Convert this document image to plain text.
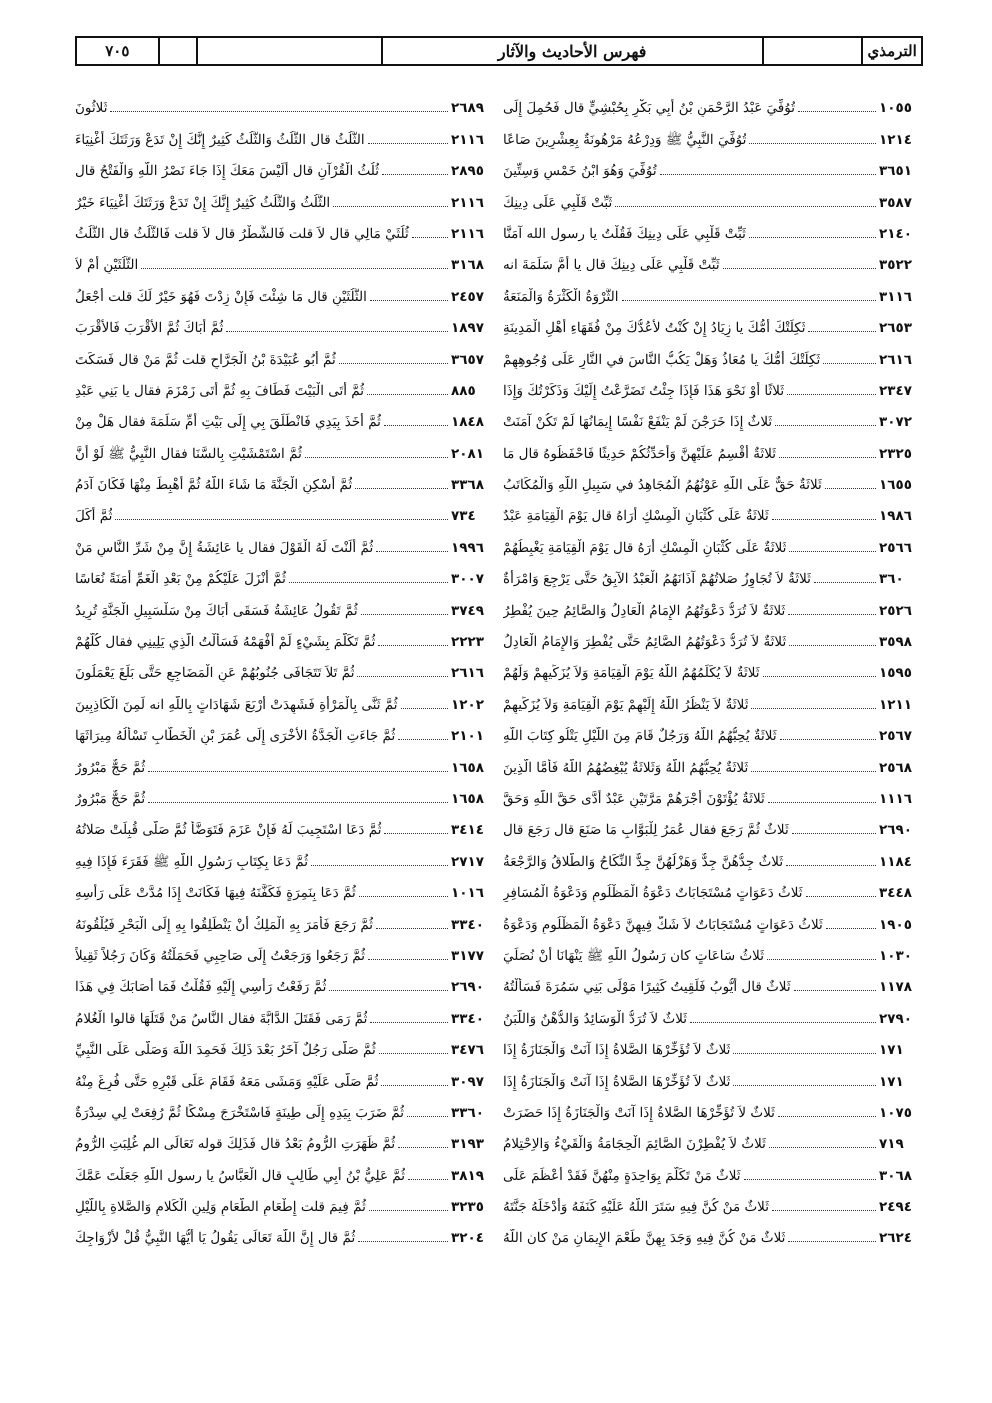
الترمذي
فهرس الأحاديث والآثار
٧٠٥
تُوُفِّيَ عَبْدُ الرَّحْمَنِ بْنُ أَبِي بَكْرٍ بِحُبْشِيٍّ قال فَحُمِلَ إِلَى	١٠٥٥
تُوُفِّيَ النَّبِيُّ ﷺ وَدِرْعُهُ مَرْهُونَةٌ بِعِشْرِينَ صَاعًا	١٢١٤
تُوُفِّيَ وَهُوَ ابْنُ خَمْسٍ وَسِتِّينَ	٣٦٥١
ثَبِّتْ قَلْبِي عَلَى دِينِكَ	٣٥٨٧
ثَبِّتْ قَلْبِي عَلَى دِينِكَ فَقُلْتُ يا رسول الله آمَنَّا	٢١٤٠
ثَبِّتْ قَلْبِي عَلَى دِينِكَ قال يا أُمَّ سَلَمَةَ انه	٣٥٢٢
الثَّرْوَةُ الْكَثْرَةُ وَالْمَنَعَةُ	٣١١٦
ثَكِلَتْكَ أُمُّكَ يا زِيَادُ إِنْ كُنْتُ لأَعُدُّكَ مِنْ فُقَهَاءِ أَهْلِ الْمَدِينَةِ	٢٦٥٣
ثَكِلَتْكَ أُمُّكَ يا مُعَاذُ وَهَلْ يَكُبُّ النَّاسَ في النَّارِ عَلَى وُجُوهِهِمْ	٢٦١٦
ثَلاثًا أَوْ نَحْوَ هَذَا فَإِذَا جِئْتُ تَضَرَّعْتُ إِلَيْكَ وَذَكَرْتُكَ وَإِذَا	٢٣٤٧
ثَلاثٌ إِذَا خَرَجْنَ لَمْ يَنْفَعْ نَفْسًا إِيمَانُهَا لَمْ تَكُنْ آمَنَتْ	٣٠٧٢
ثَلاثَةٌ أُقْسِمُ عَلَيْهِنَّ وَأُحَدِّثُكُمْ حَدِيثًا فَاحْفَظُوهُ قال مَا	٢٣٢٥
ثَلاثَةٌ حَقٌّ عَلَى اللَّهِ عَوْنُهُمُ الْمُجَاهِدُ في سَبِيلِ اللَّهِ وَالْمُكَاتَبُ	١٦٥٥
ثَلاثَةٌ عَلَى كُثْبَانِ الْمِسْكِ أُرَاهُ قال يَوْمَ الْقِيَامَةِ عَبْدٌ	١٩٨٦
ثَلاثَةٌ عَلَى كُثْبَانِ الْمِسْكِ أُرَهُ قال يَوْمَ الْقِيَامَةِ يَغْبِطُهُمْ	٢٥٦٦
ثَلاثَةٌ لاَ تُجَاوِزُ صَلاتُهُمْ آذَانَهُمُ الْعَبْدُ الآبِقُ حَتَّى يَرْجِعَ وَامْرَأَةٌ	٣٦٠
ثَلاثَةٌ لاَ تُرَدُّ دَعْوَتُهُمُ الإِمَامُ الْعَادِلُ وَالصَّائِمُ حِينَ يُفْطِرُ	٢٥٢٦
ثَلاثَةٌ لاَ تُرَدُّ دَعْوَتُهُمُ الصَّائِمُ حَتَّى يُفْطِرَ وَالإِمَامُ الْعَادِلُ	٣٥٩٨
ثَلاثَةٌ لاَ يُكَلِّمُهُمُ اللَّهُ يَوْمَ الْقِيَامَةِ وَلاَ يُزَكِّيهِمْ وَلَهُمْ	١٥٩٥
ثَلاثَةٌ لاَ يَنْظُرُ اللَّهُ إِلَيْهِمْ يَوْمَ الْقِيَامَةِ وَلاَ يُزَكِّيهِمْ	١٢١١
ثَلاثَةٌ يُحِبُّهُمُ اللَّهُ وَرَجُلٌ قَامَ مِنَ اللَّيْلِ يَتْلُو كِتَابَ اللَّهِ	٢٥٦٧
ثَلاثَةٌ يُحِبُّهُمُ اللَّهُ وَثَلاثَةٌ يُبْغِضُهُمُ اللَّهُ فَأَمَّا الَّذِينَ	٢٥٦٨
ثَلاثَةٌ يُؤْتَوْنَ أَجْرَهُمْ مَرَّتَيْنِ عَبْدٌ أَدَّى حَقَّ اللَّهِ وَحَقَّ	١١١٦
ثَلاثٌ ثُمَّ رَجَعَ فقال عُمَرُ لِلْبَوَّابِ مَا صَنَعَ قال رَجَعَ قال	٢٦٩٠
ثَلاثٌ جِدُّهُنَّ جِدٌّ وَهَزْلُهُنَّ جِدٌّ النِّكَاحُ وَالطَّلاقُ وَالرَّجْعَةُ	١١٨٤
ثَلاثُ دَعَوَاتٍ مُسْتَجَابَاتٌ دَعْوَةُ الْمَظْلُومِ وَدَعْوَةُ الْمُسَافِرِ	٣٤٤٨
ثَلاثُ دَعَوَاتٍ مُسْتَجَابَاتٌ لاَ شَكَّ فِيهِنَّ دَعْوَةُ الْمَظْلُومِ وَدَعْوَةُ	١٩٠٥
ثَلاثُ سَاعَاتٍ كان رَسُولُ اللَّهِ ﷺ يَنْهَانَا أَنْ نُصَلِّيَ	١٠٣٠
ثَلاثٌ قال أَيُّوبُ فَلَقِيتُ كَثِيرًا مَوْلَى بَنِي سَمُرَةَ فَسَأَلْتُهُ	١١٧٨
ثَلاثٌ لاَ تُرَدُّ الْوَسَائِدُ وَالدُّهْنُ وَاللَّبَنُ	٢٧٩٠
ثَلاثٌ لاَ تُؤَخِّرْهَا الصَّلاةُ إِذَا آنَتْ وَالْجَنَازَةُ إِذَا	١٧١
ثَلاثٌ لاَ تُؤَخِّرْهَا الصَّلاةُ إِذَا آنَتْ وَالْجَنَازَةُ إِذَا	١٧١
ثَلاثٌ لاَ تُؤَخِّرْهَا الصَّلاةُ إِذَا آنَتْ وَالْجَنَازَةُ إِذَا حَضَرَتْ	١٠٧٥
ثَلاثٌ لاَ يُفْطِرْنَ الصَّائِمَ الْحِجَامَةُ وَالْقَيْءُ وَالاِحْتِلامُ	٧١٩
ثَلاثٌ مَنْ تَكَلَّمَ بِوَاحِدَةٍ مِنْهُنَّ فَقَدْ أَعْظَمَ عَلَى	٣٠٦٨
ثَلاثٌ مَنْ كُنَّ فِيهِ سَتَرَ اللَّهُ عَلَيْهِ كَنَفَهُ وَأَدْخَلَهُ جَنَّتَهُ	٢٤٩٤
ثَلاثٌ مَنْ كُنَّ فِيهِ وَجَدَ بِهِنَّ طَعْمَ الإِيمَانِ مَنْ كان اللَّهُ	٢٦٢٤
ثَلاثُونَ	٢٦٨٩
الثُّلُثُ قال الثُّلُثُ وَالثُّلُثُ كَثِيرٌ إِنَّكَ إِنْ تَدَعْ وَرَثَتَكَ أَغْنِيَاءَ	٢١١٦
ثُلُثُ الْقُرْآنِ قال أَلَيْسَ مَعَكَ إِذَا جَاءَ نَصْرُ اللَّهِ وَالْفَتْحُ قال	٢٨٩٥
الثُّلُثُ وَالثُّلُثُ كَثِيرٌ إِنَّكَ إِنْ تَدَعْ وَرَثَتَكَ أَغْنِيَاءَ خَيْرٌ	٢١١٦
ثُلُثَيْ مَالِي قال لاَ قلت فَالشَّطْرُ قال لاَ قلت فَالثُّلُثُ قال الثُّلُثُ	٢١١٦
الثُّلُثَيْنِ أَمْ لاَ	٣١٦٨
الثُّلُثَيْنِ قال مَا شِئْتَ فَإِنْ زِدْتَ فَهُوَ خَيْرٌ لَكَ قلت أَجْعَلُ	٢٤٥٧
ثُمَّ أَبَاكَ ثُمَّ الأَقْرَبَ فَالأَقْرَبَ	١٨٩٧
ثُمَّ أَبُو عُبَيْدَةَ بْنُ الْجَرَّاحِ قلت ثُمَّ مَنْ قال فَسَكَتَ	٣٦٥٧
ثُمَّ أَتَى الْبَيْتَ فَطَافَ بِهِ ثُمَّ أَتَى زَمْزَمَ فقال يا بَنِي عَبْدِ	٨٨٥
ثُمَّ أَخَذَ بِيَدِي فَانْطَلَقَ بِي إِلَى بَيْتِ أُمِّ سَلَمَةَ فقال هَلْ مِنْ	١٨٤٨
ثُمَّ اسْتَمْشَيْتِ بِالسَّنَا فقال النَّبِيُّ ﷺ لَوْ أَنَّ	٢٠٨١
ثُمَّ أَسْكِنِ الْجَنَّةَ مَا شَاءَ اللَّهُ ثُمَّ أُهْبِطَ مِنْهَا فَكَانَ آدَمُ	٣٣٦٨
ثُمَّ أَكَلَ	٧٣٤
ثُمَّ أَلَنْتَ لَهُ الْقَوْلَ فقال يا عَائِشَةُ إِنَّ مِنْ شَرِّ النَّاسِ مَنْ	١٩٩٦
ثُمَّ أَنْزَلَ عَلَيْكُمْ مِنْ بَعْدِ الْغَمِّ أَمَنَةً نُعَاسًا	٣٠٠٧
ثُمَّ تَقُولُ عَائِشَةُ فَسَقَى أَبَاكَ مِنْ سَلْسَبِيلِ الْجَنَّةِ تُرِيدُ	٣٧٤٩
ثُمَّ تَكَلَّمَ بِشَيْءٍ لَمْ أَفْهَمْهُ فَسَأَلْتُ الَّذِي يَلِينِي فقال كُلُّهُمْ	٢٢٢٣
ثُمَّ تَلاَ تَتَجَافَى جُنُوبُهُمْ عَنِ الْمَضَاجِعِ حَتَّى بَلَغَ يَعْمَلُونَ	٢٦١٦
ثُمَّ ثَنَّى بِالْمَرْأَةِ فَشَهِدَتْ أَرْبَعَ شَهَادَاتٍ بِاللَّهِ انه لَمِنَ الْكَاذِبِينَ	١٢٠٢
ثُمَّ جَاءَتِ الْجَدَّةُ الأُخْرَى إِلَى عُمَرَ بْنِ الْخَطَّابِ تَسْأَلُهُ مِيرَاثَهَا	٢١٠١
ثُمَّ حَجٌّ مَبْرُورٌ	١٦٥٨
ثُمَّ حَجٌّ مَبْرُورٌ	١٦٥٨
ثُمَّ دَعَا اسْتَجِيبَ لَهُ فَإِنْ عَزَمَ فَتَوَضَّأَ ثُمَّ صَلَّى قُبِلَتْ صَلاتُهُ	٣٤١٤
ثُمَّ دَعَا بِكِتَابِ رَسُولِ اللَّهِ ﷺ فَقَرَءَ فَإِذَا فِيهِ	٢٧١٧
ثُمَّ دَعَا بِنَمِرَةٍ فَكَفَّنَهُ فِيهَا فَكَانَتْ إِذَا مُدَّتْ عَلَى رَأْسِهِ	١٠١٦
ثُمَّ رَجَعَ فَأَمَرَ بِهِ الْمَلِكُ أَنْ يَنْطَلِقُوا بِهِ إِلَى الْبَحْرِ فَيُلْقُونَهُ	٣٣٤٠
ثُمَّ رَجَعُوا وَرَجَعْتُ إِلَى صَاحِبِي فَحَمَلْتُهُ وَكَانَ رَجُلاً ثَقِيلاً	٣١٧٧
ثُمَّ رَفَعْتُ رَأْسِي إِلَيْهِ فَقُلْتُ فَمَا أَصَابَكَ فِي هَذَا	٢٦٩٠
ثُمَّ رَمَى فَقَتَلَ الدَّابَّةَ فقال النَّاسُ مَنْ قَتَلَهَا قالوا الْغُلامُ	٣٣٤٠
ثُمَّ صَلَّى رَجُلٌ آخَرُ بَعْدَ ذَلِكَ فَحَمِدَ اللَّهَ وَصَلَّى عَلَى النَّبِيِّ	٣٤٧٦
ثُمَّ صَلَّى عَلَيْهِ وَمَشَى مَعَهُ فَقَامَ عَلَى قَبْرِهِ حَتَّى فُرِغَ مِنْهُ	٣٠٩٧
ثُمَّ ضَرَبَ بِيَدِهِ إِلَى طِينَةٍ فَاسْتَخْرَجَ مِسْكًا ثُمَّ رُفِعَتْ لِي سِدْرَةٌ	٣٣٦٠
ثُمَّ ظَهَرَتِ الرُّومُ بَعْدُ قال فَذَلِكَ قوله تَعَالَى الم غُلِبَتِ الرُّومُ	٣١٩٣
ثُمَّ عَلِيُّ بْنُ أَبِي طَالِبٍ قال الْعَبَّاسُ يا رسول اللَّهِ جَعَلْتَ عَمَّكَ	٣٨١٩
ثُمَّ فِيمَ قلت إِطْعَامِ الطَّعَامِ وَلِينِ الْكَلامِ وَالصَّلاةِ بِاللَّيْلِ	٣٢٣٥
ثُمَّ قال إِنَّ اللَّهَ تَعَالَى يَقُولُ يَا أَيُّهَا النَّبِيُّ قُلْ لأَزْوَاجِكَ	٣٢٠٤
